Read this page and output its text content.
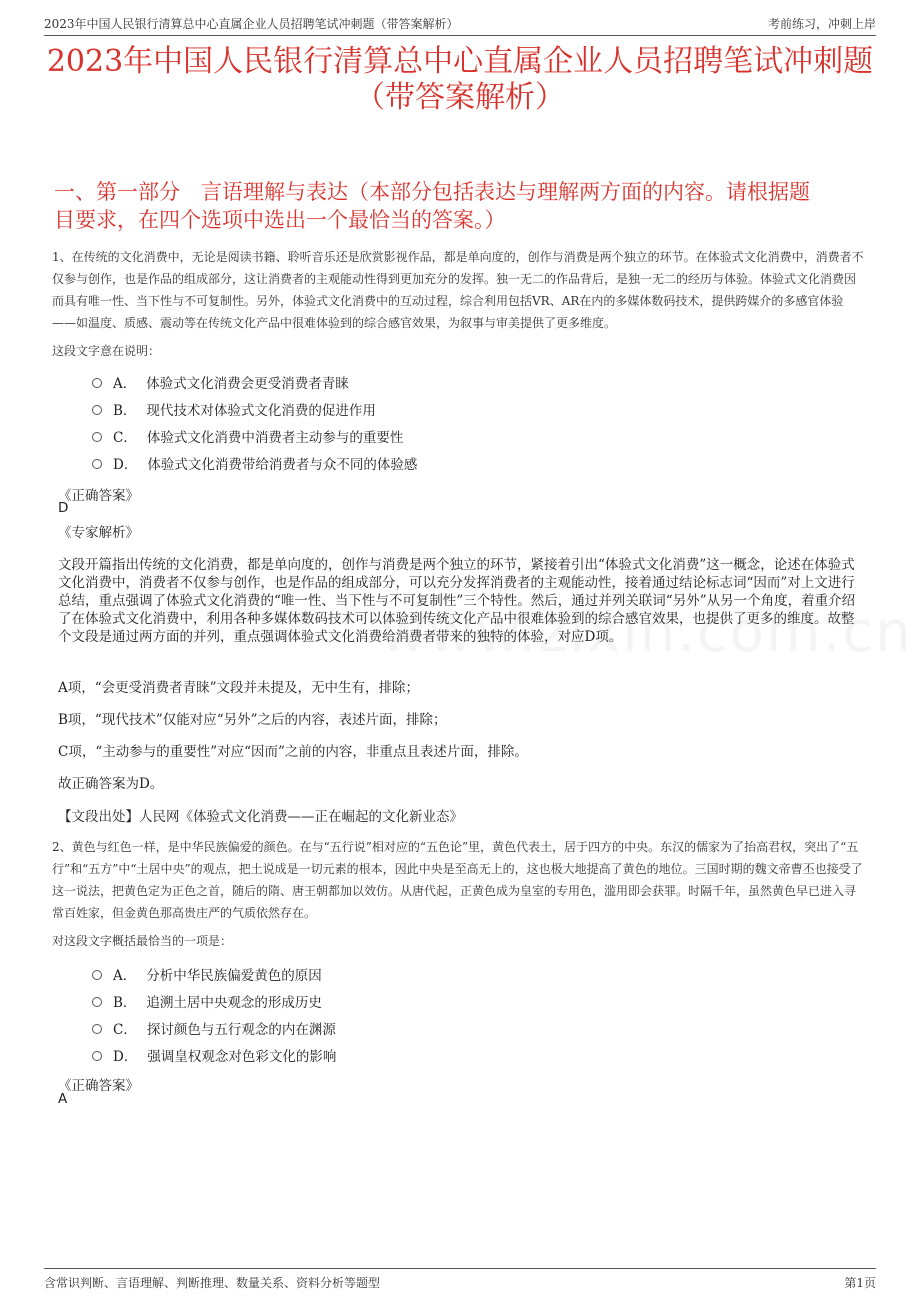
2023年中国人民银行清算总中心直属企业人员招聘笔试冲刺题（带答案解析）	考前练习，冲刺上岸
2023年中国人民银行清算总中心直属企业人员招聘笔试冲刺题
（带答案解析）
一、第一部分　言语理解与表达（本部分包括表达与理解两方面的内容。请根据题
目要求，在四个选项中选出一个最恰当的答案。）
1、在传统的文化消费中，无论是阅读书籍、聆听音乐还是欣赏影视作品，都是单向度的，创作与消费是两个独立的环节。在体验式文化消费中，消费者不仅参与创作，也是作品的组成部分，这让消费者的主观能动性得到更加充分的发挥。独一无二的作品背后，是独一无二的经历与体验。体验式文化消费因而具有唯一性、当下性与不可复制性。另外，体验式文化消费中的互动过程，综合利用包括VR、AR在内的多媒体数码技术，提供跨媒介的多感官体验——如温度、质感、震动等在传统文化产品中很难体验到的综合感官效果，为叙事与审美提供了更多维度。
这段文字意在说明：
A． 体验式文化消费会更受消费者青睐
B． 现代技术对体验式文化消费的促进作用
C． 体验式文化消费中消费者主动参与的重要性
D． 体验式文化消费带给消费者与众不同的体验感
《正确答案》
D
《专家解析》
文段开篇指出传统的文化消费，都是单向度的，创作与消费是两个独立的环节，紧接着引出“体验式文化消费”这一概念，论述在体验式文化消费中，消费者不仅参与创作，也是作品的组成部分，可以充分发挥消费者的主观能动性，接着通过结论标志词“因而”对上文进行总结，重点强调了体验式文化消费的“唯一性、当下性与不可复制性”三个特性。然后，通过并列关联词“另外”从另一个角度，着重介绍了在体验式文化消费中，利用各种多媒体数码技术可以体验到传统文化产品中很难体验到的综合感官效果，也提供了更多的维度。故整个文段是通过两方面的并列，重点强调体验式文化消费给消费者带来的独特的体验，对应D项。
A项，“会更受消费者青睐”文段并未提及，无中生有，排除；
B项，“现代技术”仅能对应“另外”之后的内容，表述片面，排除；
C项，“主动参与的重要性”对应“因而”之前的内容，非重点且表述片面，排除。
故正确答案为D。
【文段出处】人民网《体验式文化消费——正在崛起的文化新业态》
2、黄色与红色一样，是中华民族偏爱的颜色。在与“五行说”相对应的“五色论”里，黄色代表土，居于四方的中央。东汉的儒家为了抬高君权，突出了“五行”和“五方”中“土居中央”的观点，把土说成是一切元素的根本，因此中央是至高无上的，这也极大地提高了黄色的地位。三国时期的魏文帝曹丕也接受了这一说法，把黄色定为正色之首，随后的隋、唐王朝都加以效仿。从唐代起，正黄色成为皇室的专用色，滥用即会获罪。时隔千年，虽然黄色早已进入寻常百姓家，但金黄色那高贵庄严的气质依然存在。
对这段文字概括最恰当的一项是：
A． 分析中华民族偏爱黄色的原因
B． 追溯土居中央观念的形成历史
C． 探讨颜色与五行观念的内在渊源
D． 强调皇权观念对色彩文化的影响
《正确答案》
A
含常识判断、言语理解、判断推理、数量关系、资料分析等题型	第1页
